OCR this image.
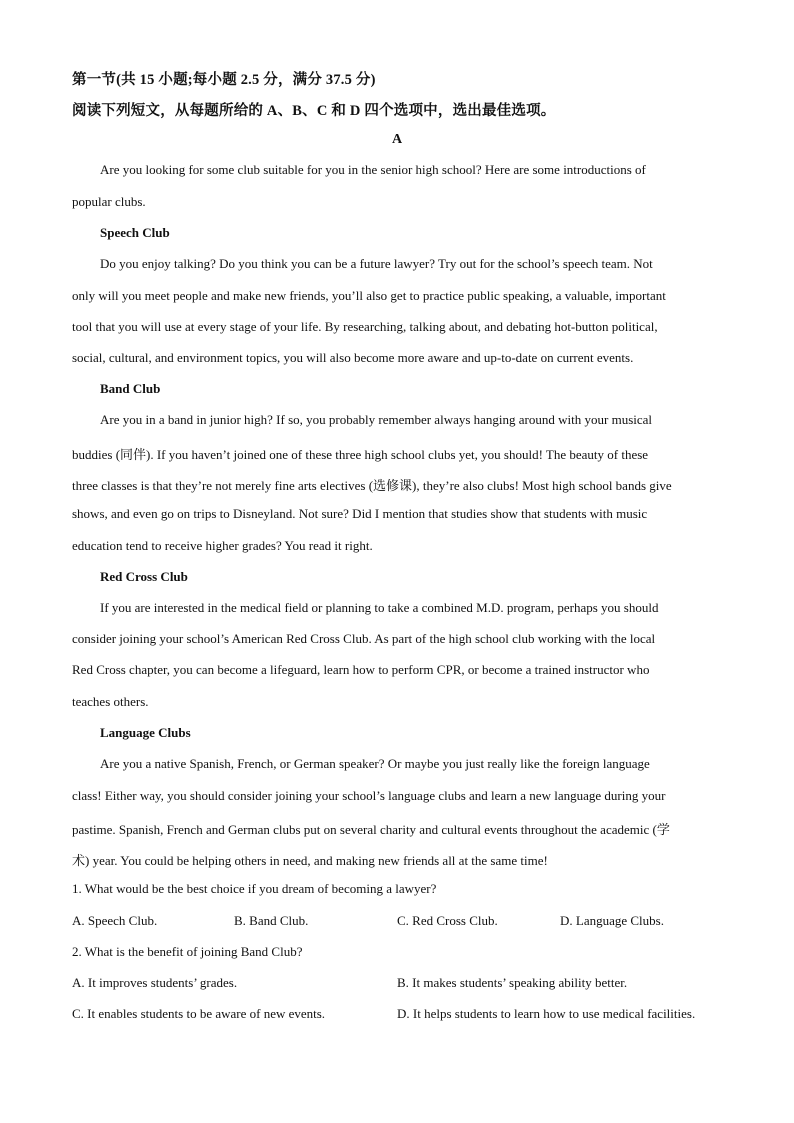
第一节(共 15 小题;每小题 2.5 分，满分 37.5 分)
阅读下列短文，从每题所给的 A、B、C 和 D 四个选项中，选出最佳选项。
A
Are you looking for some club suitable for you in the senior high school? Here are some introductions of
popular clubs.
Speech Club
Do you enjoy talking? Do you think you can be a future lawyer? Try out for the school’s speech team. Not
only will you meet people and make new friends, you’ll also get to practice public speaking, a valuable, important
tool that you will use at every stage of your life. By researching, talking about, and debating hot-button political,
social, cultural, and environment topics, you will also become more aware and up-to-date on current events.
Band Club
Are you in a band in junior high? If so, you probably remember always hanging around with your musical
buddies (同伴). If you haven’t joined one of these three high school clubs yet, you should! The beauty of these
three classes is that they’re not merely fine arts electives (选修课), they’re also clubs! Most high school bands give
shows, and even go on trips to Disneyland. Not sure? Did I mention that studies show that students with music
education tend to receive higher grades? You read it right.
Red Cross Club
If you are interested in the medical field or planning to take a combined M.D. program, perhaps you should
consider joining your school’s American Red Cross Club. As part of the high school club working with the local
Red Cross chapter, you can become a lifeguard, learn how to perform CPR, or become a trained instructor who
teaches others.
Language Clubs
Are you a native Spanish, French, or German speaker? Or maybe you just really like the foreign language
class! Either way, you should consider joining your school’s language clubs and learn a new language during your
pastime. Spanish, French and German clubs put on several charity and cultural events throughout the academic (学
术) year. You could be helping others in need, and making new friends all at the same time!
1. What would be the best choice if you dream of becoming a lawyer?
A. Speech Club.	B. Band Club.	C. Red Cross Club.	D. Language Clubs.
2. What is the benefit of joining Band Club?
A. It improves students’ grades.	B. It makes students’ speaking ability better.
C. It enables students to be aware of new events.	D. It helps students to learn how to use medical facilities.
